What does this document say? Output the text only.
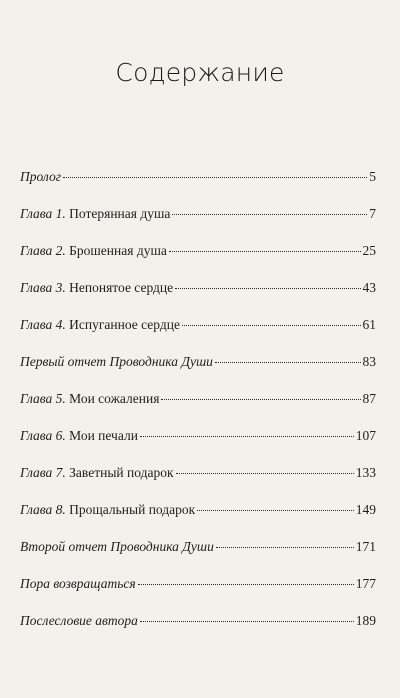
Содержание
Пролог	5
Глава 1. Потерянная душа	7
Глава 2. Брошенная душа	25
Глава 3. Непонятое сердце	43
Глава 4. Испуганное сердце	61
Первый отчет Проводника Души	83
Глава 5. Мои сожаления	87
Глава 6. Мои печали	107
Глава 7. Заветный подарок	133
Глава 8. Прощальный подарок	149
Второй отчет Проводника Души	171
Пора возвращаться	177
Послесловие автора	189
